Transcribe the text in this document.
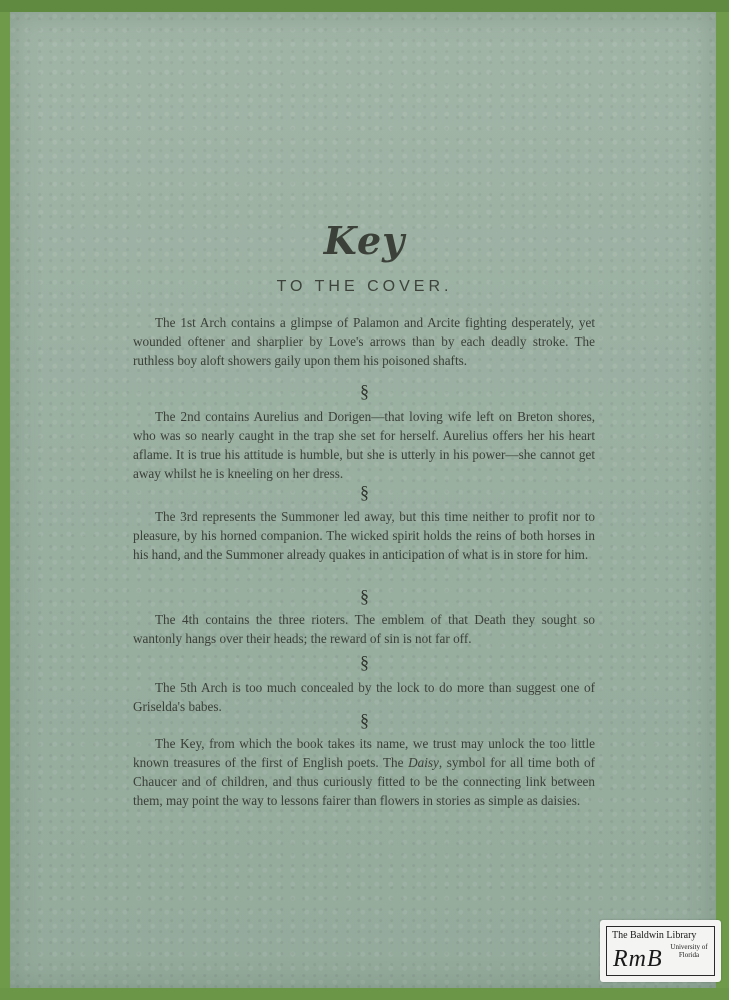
Key
TO THE COVER.
The 1st Arch contains a glimpse of Palamon and Arcite fighting desperately, yet wounded oftener and sharplier by Love's arrows than by each deadly stroke. The ruthless boy aloft showers gaily upon them his poisoned shafts.
§
The 2nd contains Aurelius and Dorigen—that loving wife left on Breton shores, who was so nearly caught in the trap she set for herself. Aurelius offers her his heart aflame. It is true his attitude is humble, but she is utterly in his power—she cannot get away whilst he is kneeling on her dress.
§
The 3rd represents the Summoner led away, but this time neither to profit nor to pleasure, by his horned companion. The wicked spirit holds the reins of both horses in his hand, and the Summoner already quakes in anticipation of what is in store for him.
§
The 4th contains the three rioters. The emblem of that Death they sought so wantonly hangs over their heads; the reward of sin is not far off.
§
The 5th Arch is too much concealed by the lock to do more than suggest one of Griselda's babes.
§
The Key, from which the book takes its name, we trust may unlock the too little known treasures of the first of English poets. The Daisy, symbol for all time both of Chaucer and of children, and thus curiously fitted to be the connecting link between them, may point the way to lessons fairer than flowers in stories as simple as daisies.
The Baldwin Library
RmB University of Florida
